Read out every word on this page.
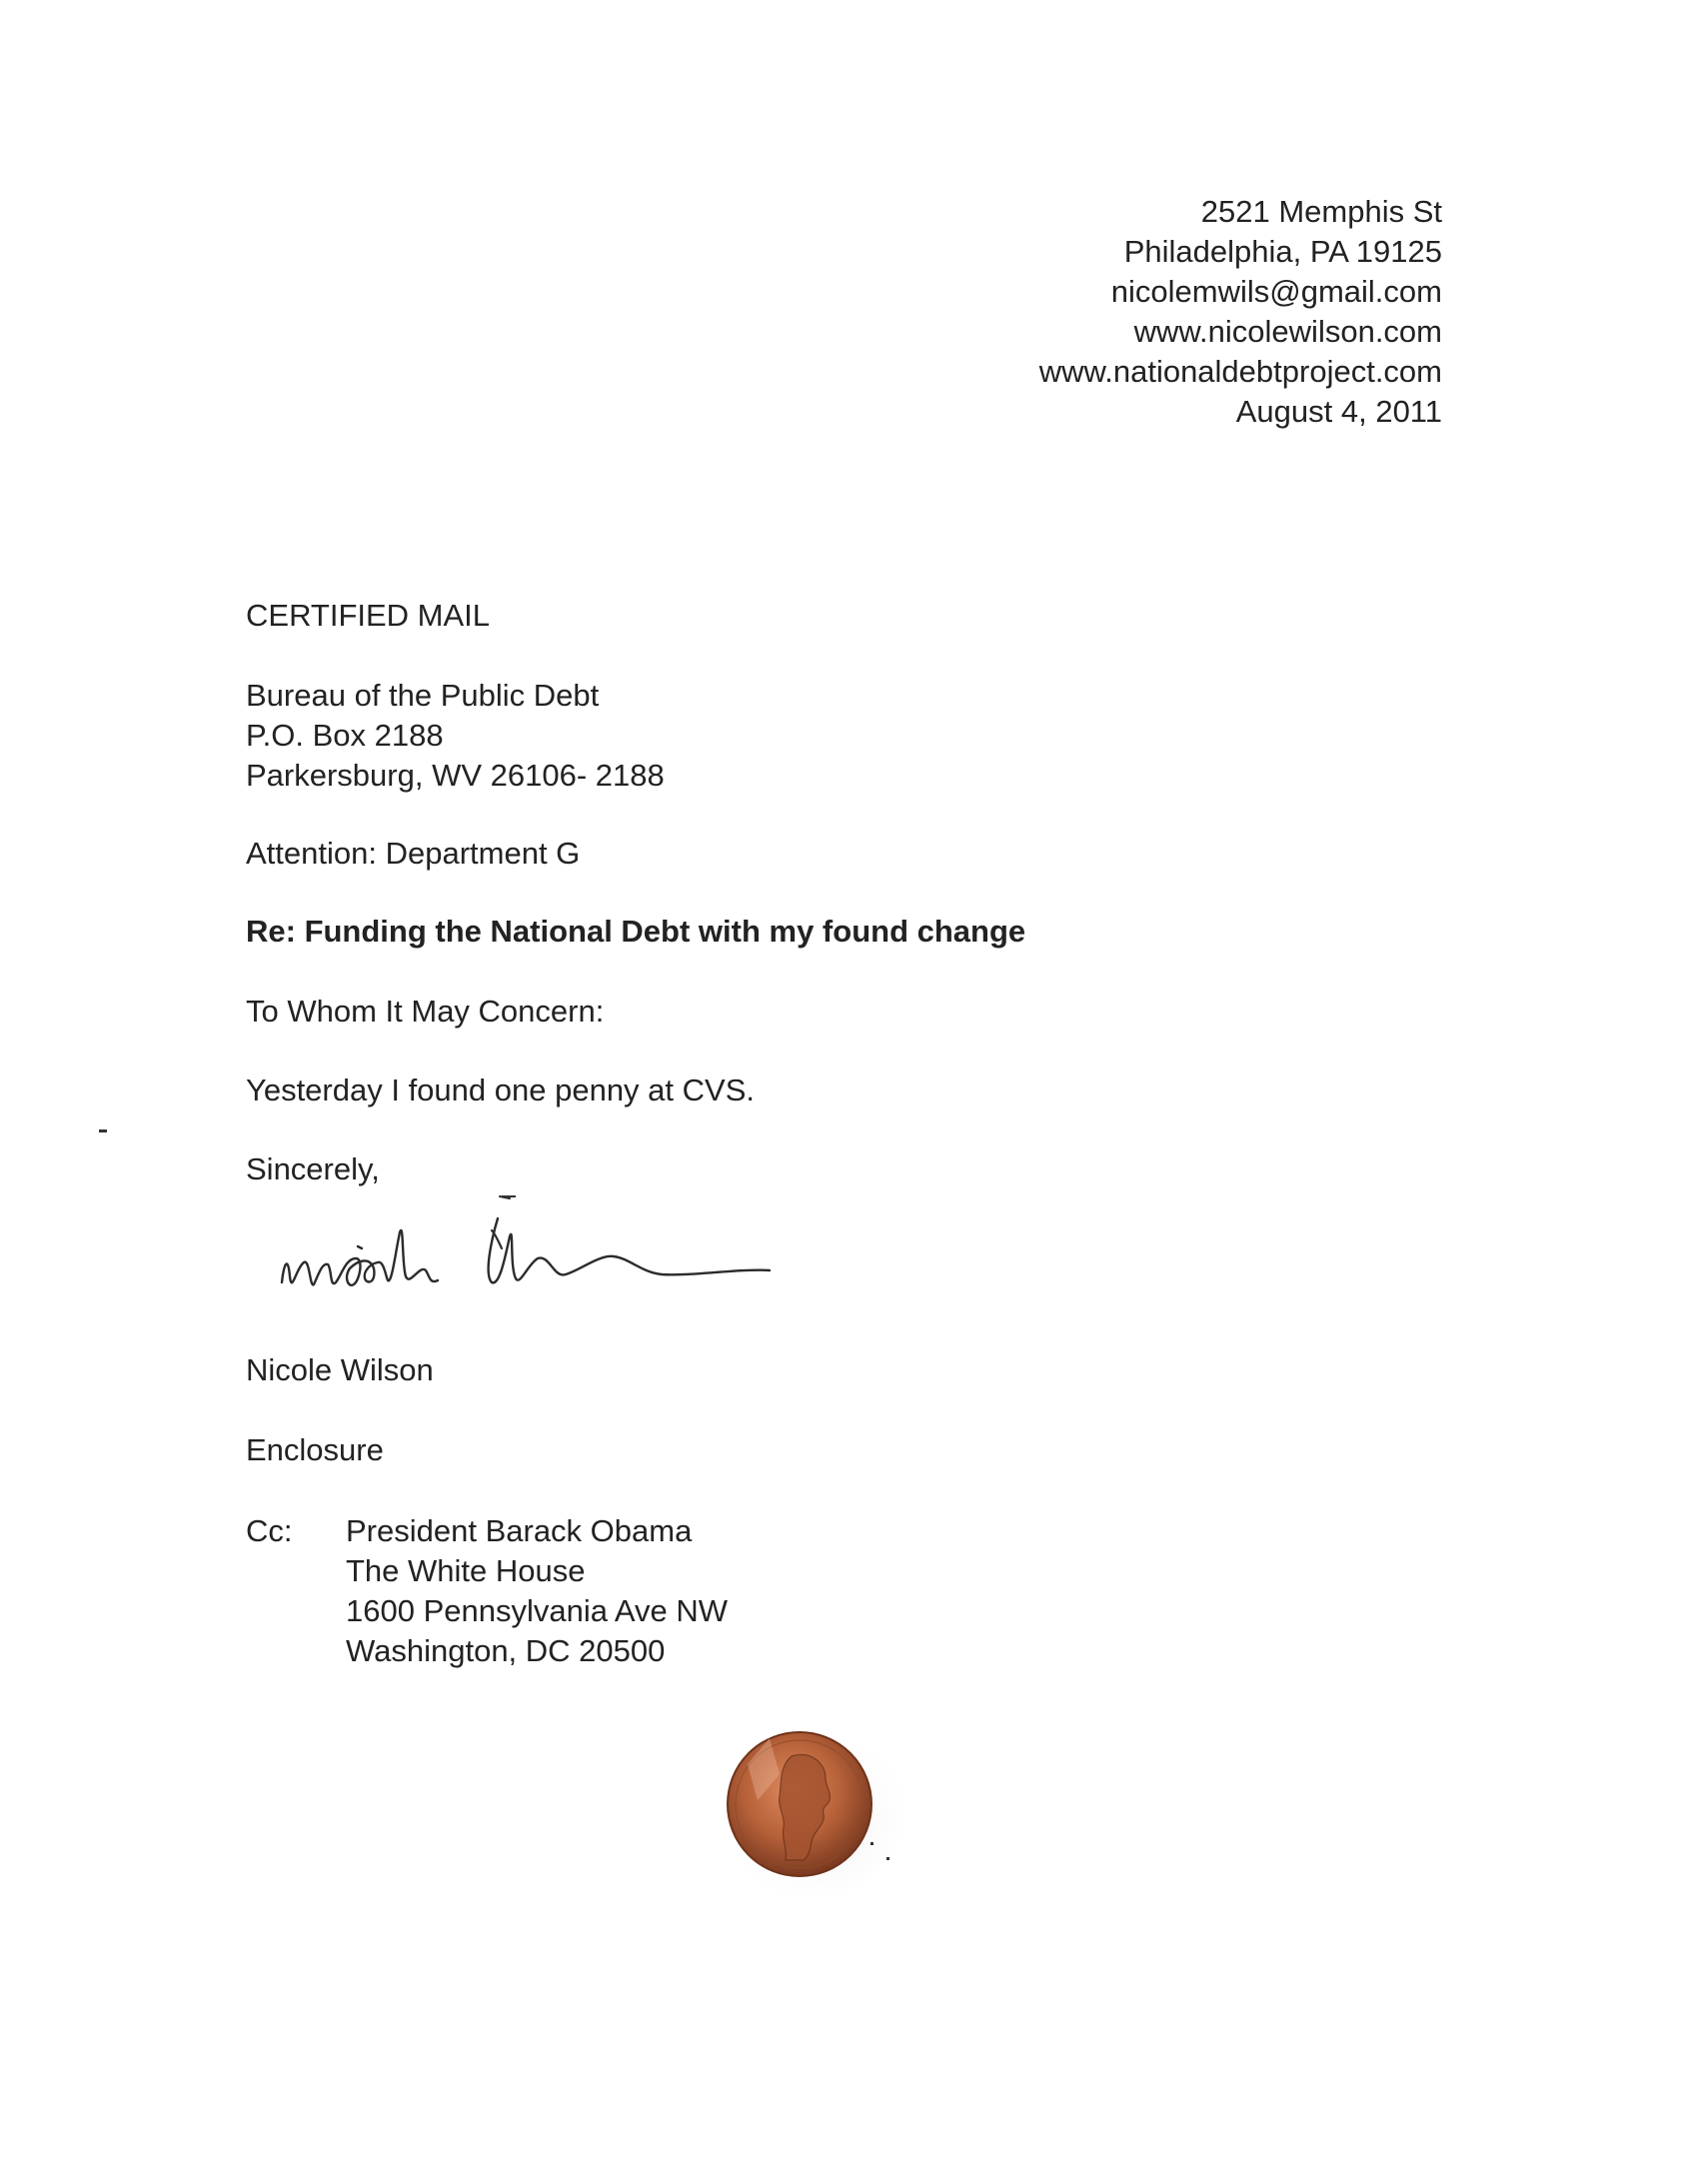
2521 Memphis St
Philadelphia, PA 19125
nicolemwils@gmail.com
www.nicolewilson.com
www.nationaldebtproject.com
August 4, 2011
CERTIFIED MAIL
Bureau of the Public Debt
P.O. Box 2188
Parkersburg, WV 26106- 2188
Attention: Department G
Re: Funding the National Debt with my found change
To Whom It May Concern:
Yesterday I found one penny at CVS.
Sincerely,
Nicole Wilson
Enclosure
Cc: President Barack Obama
The White House
1600 Pennsylvania Ave NW
Washington, DC 20500
